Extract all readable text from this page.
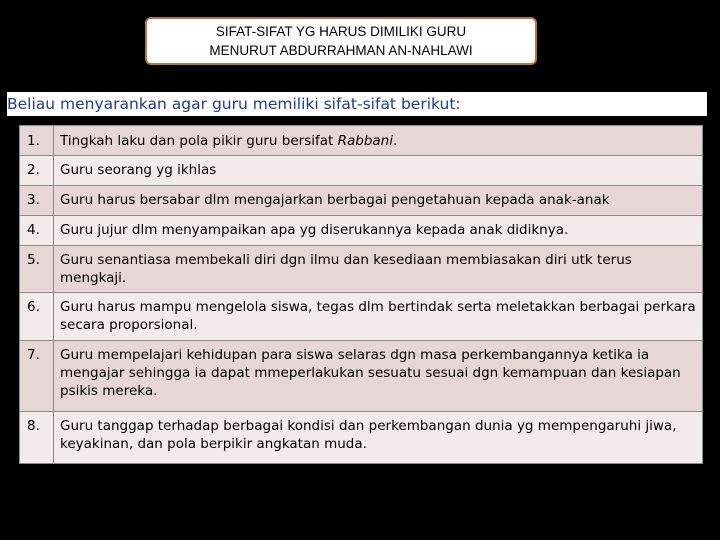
SIFAT-SIFAT YG HARUS DIMILIKI GURU
MENURUT ABDURRAHMAN AN-NAHLAWI
Beliau menyarankan agar guru memiliki sifat-sifat berikut:
1.	Tingkah laku dan pola pikir guru bersifat Rabbani.
2.	Guru seorang yg ikhlas
3.	Guru harus bersabar dlm mengajarkan berbagai pengetahuan kepada anak-anak
4.	Guru jujur dlm menyampaikan apa yg diserukannya kepada anak didiknya.
5.	Guru senantiasa membekali diri dgn ilmu dan kesediaan membiasakan diri utk terus mengkaji.
6.	Guru harus mampu mengelola siswa, tegas dlm bertindak serta meletakkan berbagai perkara secara proporsional.
7.	Guru mempelajari kehidupan para siswa selaras dgn masa perkembangannya ketika ia mengajar sehingga ia dapat mmeperlakukan sesuatu sesuai dgn kemampuan dan kesiapan psikis mereka.
8.	Guru tanggap terhadap berbagai kondisi dan perkembangan dunia yg mempengaruhi jiwa, keyakinan, dan pola berpikir angkatan muda.
